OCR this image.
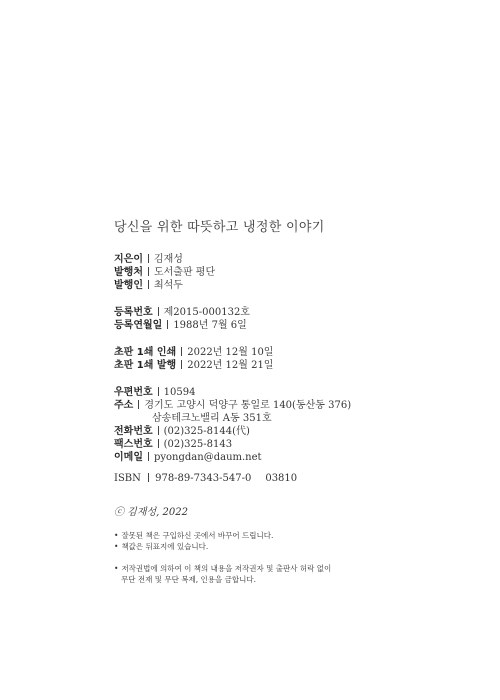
당신을 위한 따뜻하고 냉정한 이야기
지은이 김재성
발행처 도서출판 평단
발행인 최석두
등록번호 제2015-000132호
등록연월일 1988년 7월 6일
초판 1쇄 인쇄 2022년 12월 10일
초판 1쇄 발행 2022년 12월 21일
우편번호 10594
주소 경기도 고양시 덕양구 통일로 140(동산동 376)
삼송테크노밸리 A동 351호
전화번호 (02)325-8144(代)
팩스번호 (02)325-8143
이메일 pyongdan@daum.net
ISBN 978-89-7343-547-0 03810
ⓒ 김재성, 2022
• 잘못된 책은 구입하신 곳에서 바꾸어 드립니다.
• 책값은 뒤표지에 있습니다.
• 저작권법에 의하여 이 책의 내용을 저작권자 및 출판사 허락 없이
무단 전재 및 무단 복제, 인용을 금합니다.
